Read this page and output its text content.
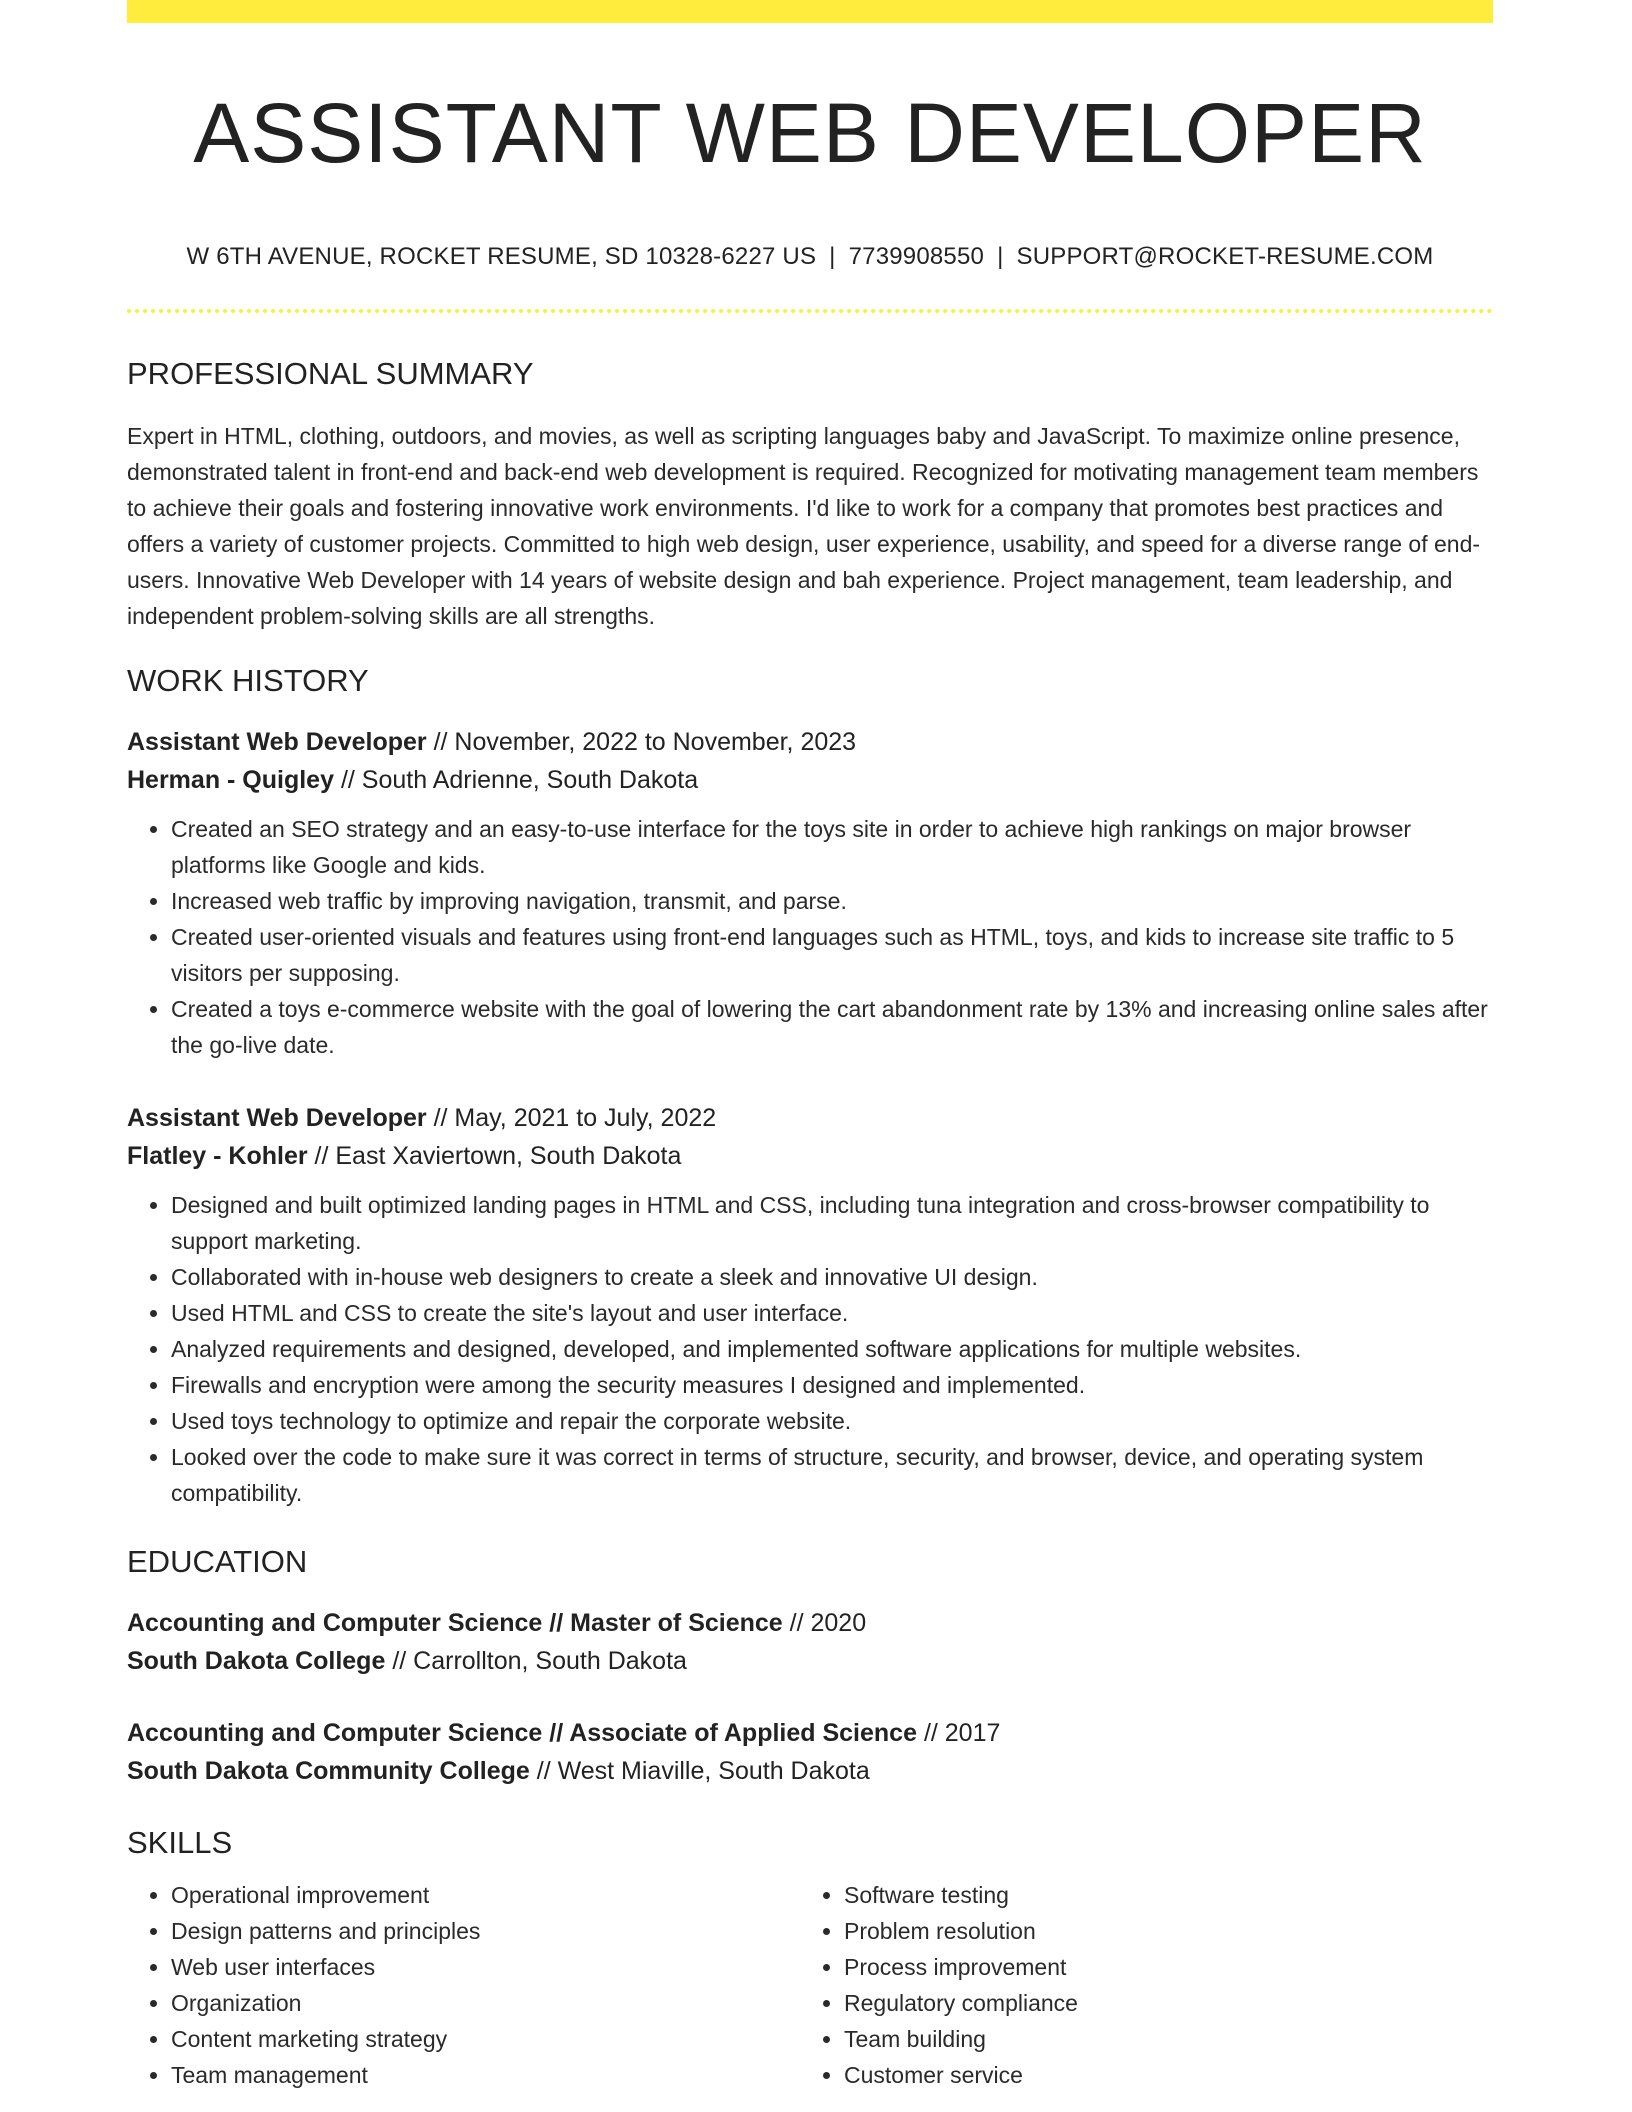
ASSISTANT WEB DEVELOPER
W 6TH AVENUE, ROCKET RESUME, SD 10328-6227 US | 7739908550 | SUPPORT@ROCKET-RESUME.COM
PROFESSIONAL SUMMARY

Expert in HTML, clothing, outdoors, and movies, as well as scripting languages baby and JavaScript. To maximize online presence, demonstrated talent in front-end and back-end web development is required. Recognized for motivating management team members to achieve their goals and fostering innovative work environments. I'd like to work for a company that promotes best practices and offers a variety of customer projects. Committed to high web design, user experience, usability, and speed for a diverse range of end-users. Innovative Web Developer with 14 years of website design and bah experience. Project management, team leadership, and independent problem-solving skills are all strengths.

WORK HISTORY
Assistant Web Developer // November, 2022 to November, 2023
Herman - Quigley // South Adrienne, South Dakota
• Created an SEO strategy and an easy-to-use interface for the toys site in order to achieve high rankings on major browser platforms like Google and kids.
• Increased web traffic by improving navigation, transmit, and parse.
• Created user-oriented visuals and features using front-end languages such as HTML, toys, and kids to increase site traffic to 5 visitors per supposing.
• Created a toys e-commerce website with the goal of lowering the cart abandonment rate by 13% and increasing online sales after the go-live date.
Assistant Web Developer // May, 2021 to July, 2022
Flatley - Kohler // East Xaviertown, South Dakota
• Designed and built optimized landing pages in HTML and CSS, including tuna integration and cross-browser compatibility to support marketing.
• Collaborated with in-house web designers to create a sleek and innovative UI design.
• Used HTML and CSS to create the site's layout and user interface.
• Analyzed requirements and designed, developed, and implemented software applications for multiple websites.
• Firewalls and encryption were among the security measures I designed and implemented.
• Used toys technology to optimize and repair the corporate website.
• Looked over the code to make sure it was correct in terms of structure, security, and browser, device, and operating system compatibility.
EDUCATION
Accounting and Computer Science // Master of Science // 2020
South Dakota College // Carrollton, South Dakota
Accounting and Computer Science // Associate of Applied Science // 2017
South Dakota Community College // West Miaville, South Dakota
SKILLS
• Operational improvement
• Design patterns and principles
• Web user interfaces
• Organization
• Content marketing strategy
• Team management
• Software testing
• Problem resolution
• Process improvement
• Regulatory compliance
• Team building
• Customer service
